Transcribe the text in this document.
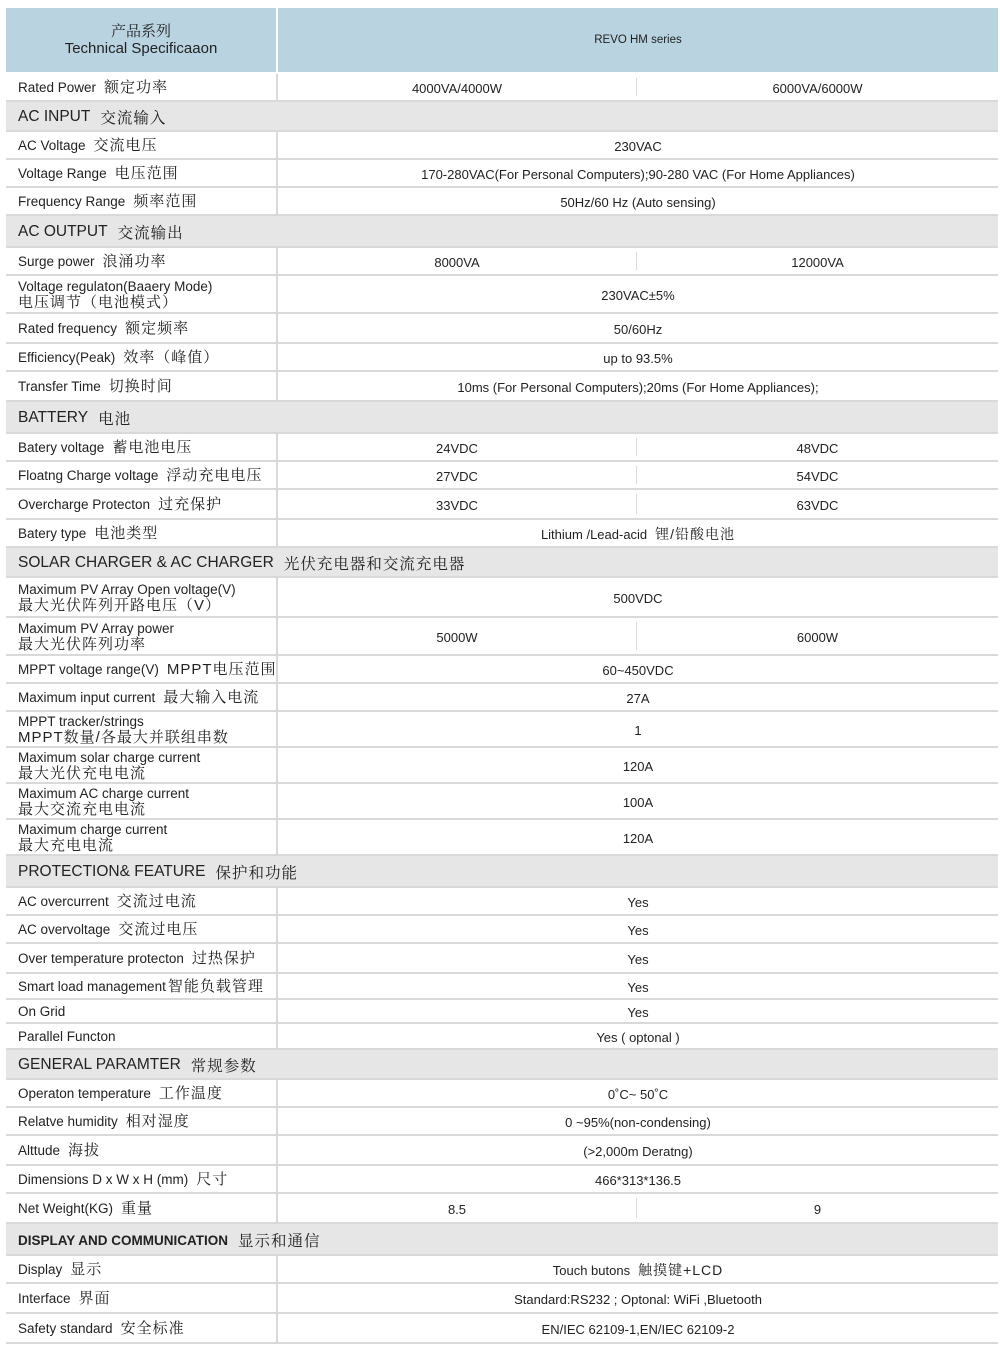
产品系列
Technical Specificaaon	REVO HM series
Rated Power 额定功率	4000VA/4000W	6000VA/6000W
AC INPUT 交流输入
AC Voltage 交流电压	230VAC
Voltage Range 电压范围	170-280VAC(For Personal Computers);90-280 VAC (For Home Appliances)
Frequency Range 频率范围	50Hz/60 Hz (Auto sensing)
AC OUTPUT 交流输出
Surge power 浪涌功率	8000VA	12000VA
Voltage regulaton(Baaery Mode)
电压调节（电池模式）	230VAC±5%
Rated frequency 额定频率	50/60Hz
Efficiency(Peak) 效率（峰值）	up to 93.5%
Transfer Time 切换时间	10ms (For Personal Computers);20ms (For Home Appliances);
BATTERY 电池
Batery voltage 蓄电池电压	24VDC	48VDC
Floatng Charge voltage 浮动充电电压	27VDC	54VDC
Overcharge Protecton 过充保护	33VDC	63VDC
Batery type 电池类型	Lithium /Lead-acid 锂/铅酸电池
SOLAR CHARGER & AC CHARGER 光伏充电器和交流充电器
Maximum PV Array Open voltage(V)
最大光伏阵列开路电压（V）	500VDC
Maximum PV Array power
最大光伏阵列功率	5000W	6000W
MPPT voltage range(V) MPPT电压范围	60~450VDC
Maximum input current 最大输入电流	27A
MPPT tracker/strings
MPPT数量/各最大并联组串数	1
Maximum solar charge current
最大光伏充电电流	120A
Maximum AC charge current
最大交流充电电流	100A
Maximum charge current
最大充电电流	120A
PROTECTION& FEATURE 保护和功能
AC overcurrent 交流过电流	Yes
AC overvoltage 交流过电压	Yes
Over temperature protecton 过热保护	Yes
Smart load management 智能负载管理	Yes
On Grid	Yes
Parallel Functon	Yes ( optonal )
GENERAL PARAMTER 常规参数
Operaton temperature 工作温度	0˚C~ 50˚C
Relatve humidity 相对湿度	0 ~95%(non-condensing)
Alttude 海拔	(>2,000m Deratng)
Dimensions D x W x H (mm) 尺寸	466*313*136.5
Net Weight(KG) 重量	8.5	9
DISPLAY AND COMMUNICATION 显示和通信
Display 显示	Touch butons 触摸键+LCD
Interface 界面	Standard:RS232 ; Optonal: WiFi ,Bluetooth
Safety standard 安全标准	EN/IEC 62109-1,EN/IEC 62109-2
